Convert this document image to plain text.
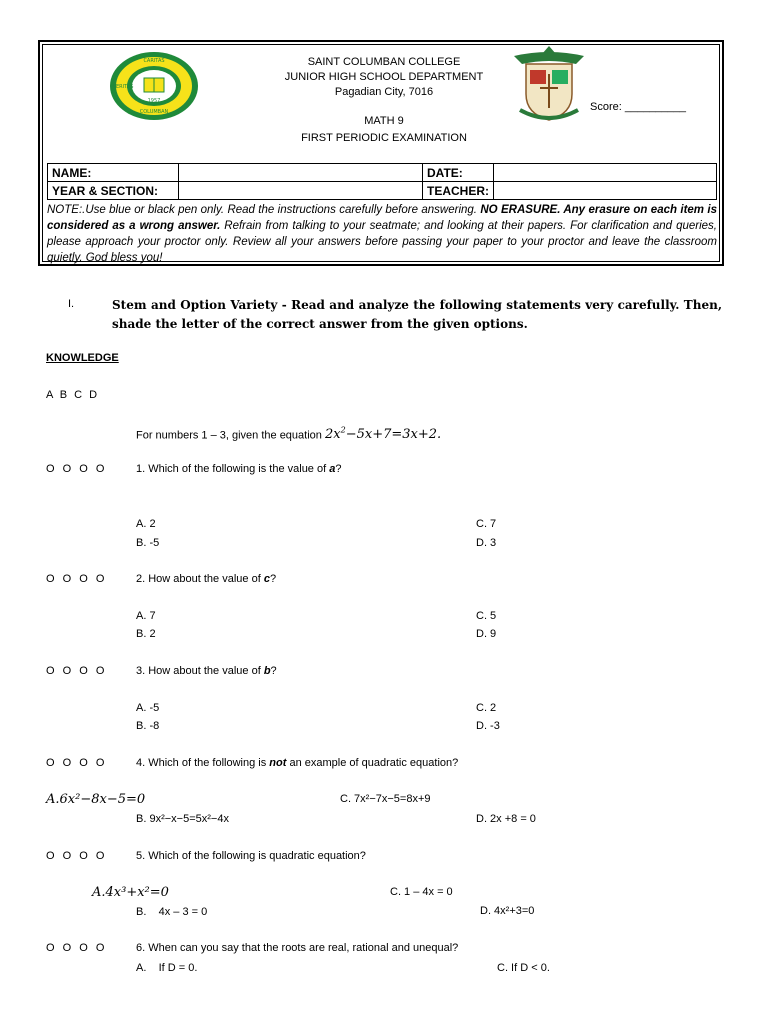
CARITAS
VERITAS
COLUMBAN
1957
SAINT COLUMBAN COLLEGE
JUNIOR HIGH SCHOOL DEPARTMENT
Pagadian City, 7016
MATH 9
FIRST PERIODIC EXAMINATION
Score: __________
NAME:		DATE:	
YEAR & SECTION:		TEACHER:	
NOTE:.Use blue or black pen only. Read the instructions carefully before answering. NO ERASURE. Any erasure on each item is considered as a wrong answer. Refrain from talking to your seatmate; and looking at their papers. For clarification and queries, please approach your proctor only. Review all your answers before passing your paper to your proctor and leave the classroom quietly. God bless you!
I.	Stem and Option Variety - Read and analyze the following statements very carefully. Then, shade the letter of the correct answer from the given options.
KNOWLEDGE
A B C D
For numbers 1 – 3, given the equation $2x^2-5x+7=3x+2$.
O O O O	1. Which of the following is the value of a?
A. 2	C. 7
B. -5	D. 3
O O O O	2. How about the value of c?
A. 7	C. 5
B. 2	D. 9
O O O O	3. How about the value of b?
A. -5	C. 2
B. -8	D. -3
O O O O	4. Which of the following is not an example of quadratic equation?
A.6x²−8x−5=0	C. 7x²−7x−5=8x+9
B. 9x²−x−5=5x²−4x	D. 2x +8 = 0
O O O O	5. Which of the following is quadratic equation?
A.4x³+x²=0	C. 1 – 4x = 0
B.    4x – 3 = 0	D. 4x²+3=0
O O O O	6. When can you say that the roots are real, rational and unequal?
A.    If D = 0.	C. If D < 0.
